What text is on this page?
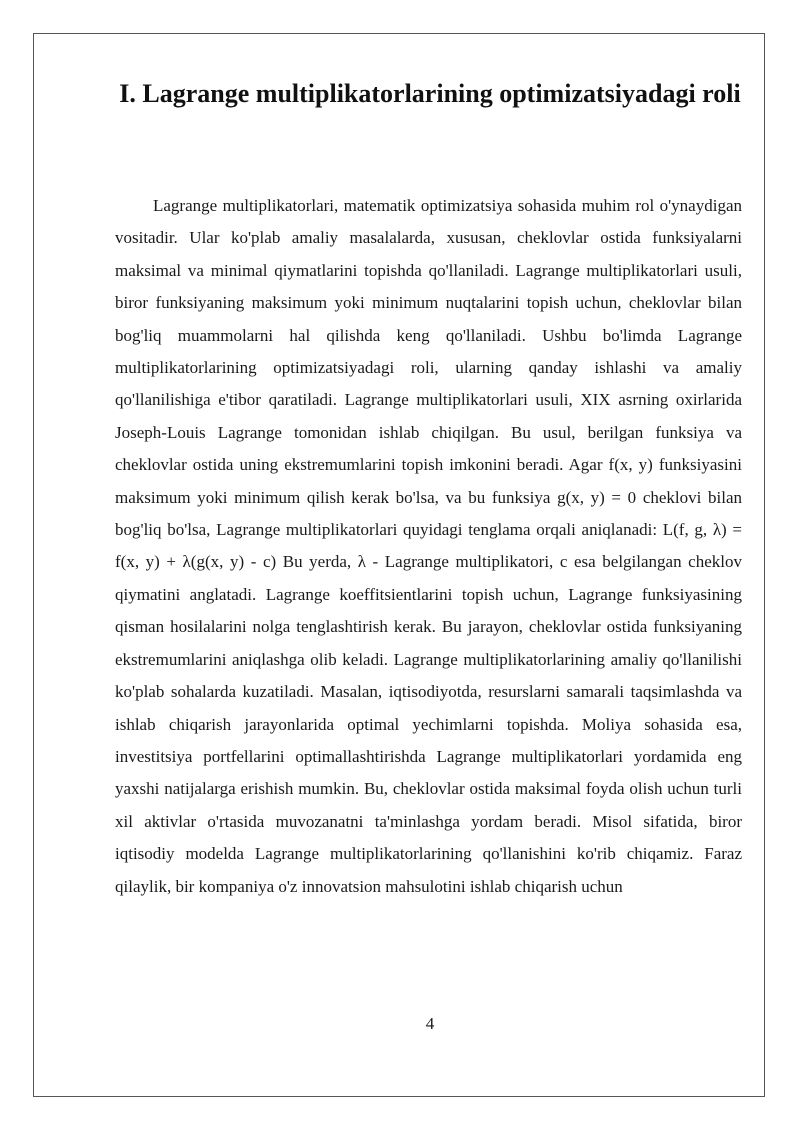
I. Lagrange multiplikatorlarining optimizatsiyadagi roli

Lagrange multiplikatorlari, matematik optimizatsiya sohasida muhim rol o'ynaydigan vositadir. Ular ko'plab amaliy masalalarda, xususan, cheklovlar ostida funksiyalarni maksimal va minimal qiymatlarini topishda qo'llaniladi. Lagrange multiplikatorlari usuli, biror funksiyaning maksimum yoki minimum nuqtalarini topish uchun, cheklovlar bilan bog'liq muammolarni hal qilishda keng qo'llaniladi. Ushbu bo'limda Lagrange multiplikatorlarining optimizatsiyadagi roli, ularning qanday ishlashi va amaliy qo'llanilishiga e'tibor qaratiladi. Lagrange multiplikatorlari usuli, XIX asrning oxirlarida Joseph-Louis Lagrange tomonidan ishlab chiqilgan. Bu usul, berilgan funksiya va cheklovlar ostida uning ekstremumlarini topish imkonini beradi. Agar f(x, y) funksiyasini maksimum yoki minimum qilish kerak bo'lsa, va bu funksiya g(x, y) = 0 cheklovi bilan bog'liq bo'lsa, Lagrange multiplikatorlari quyidagi tenglama orqali aniqlanadi: L(f, g, λ) = f(x, y) + λ(g(x, y) - c) Bu yerda, λ - Lagrange multiplikatori, c esa belgilangan cheklov qiymatini anglatadi. Lagrange koeffitsientlarini topish uchun, Lagrange funksiyasining qisman hosilalarini nolga tenglashtirish kerak. Bu jarayon, cheklovlar ostida funksiyaning ekstremumlarini aniqlashga olib keladi. Lagrange multiplikatorlarining amaliy qo'llanilishi ko'plab sohalarda kuzatiladi. Masalan, iqtisodiyotda, resurslarni samarali taqsimlashda va ishlab chiqarish jarayonlarida optimal yechimlarni topishda. Moliya sohasida esa, investitsiya portfellarini optimallashtirishda Lagrange multiplikatorlari yordamida eng yaxshi natijalarga erishish mumkin. Bu, cheklovlar ostida maksimal foyda olish uchun turli xil aktivlar o'rtasida muvozanatni ta'minlashga yordam beradi. Misol sifatida, biror iqtisodiy modelda Lagrange multiplikatorlarining qo'llanishini ko'rib chiqamiz. Faraz qilaylik, bir kompaniya o'z innovatsion mahsulotini ishlab chiqarish uchun

4
